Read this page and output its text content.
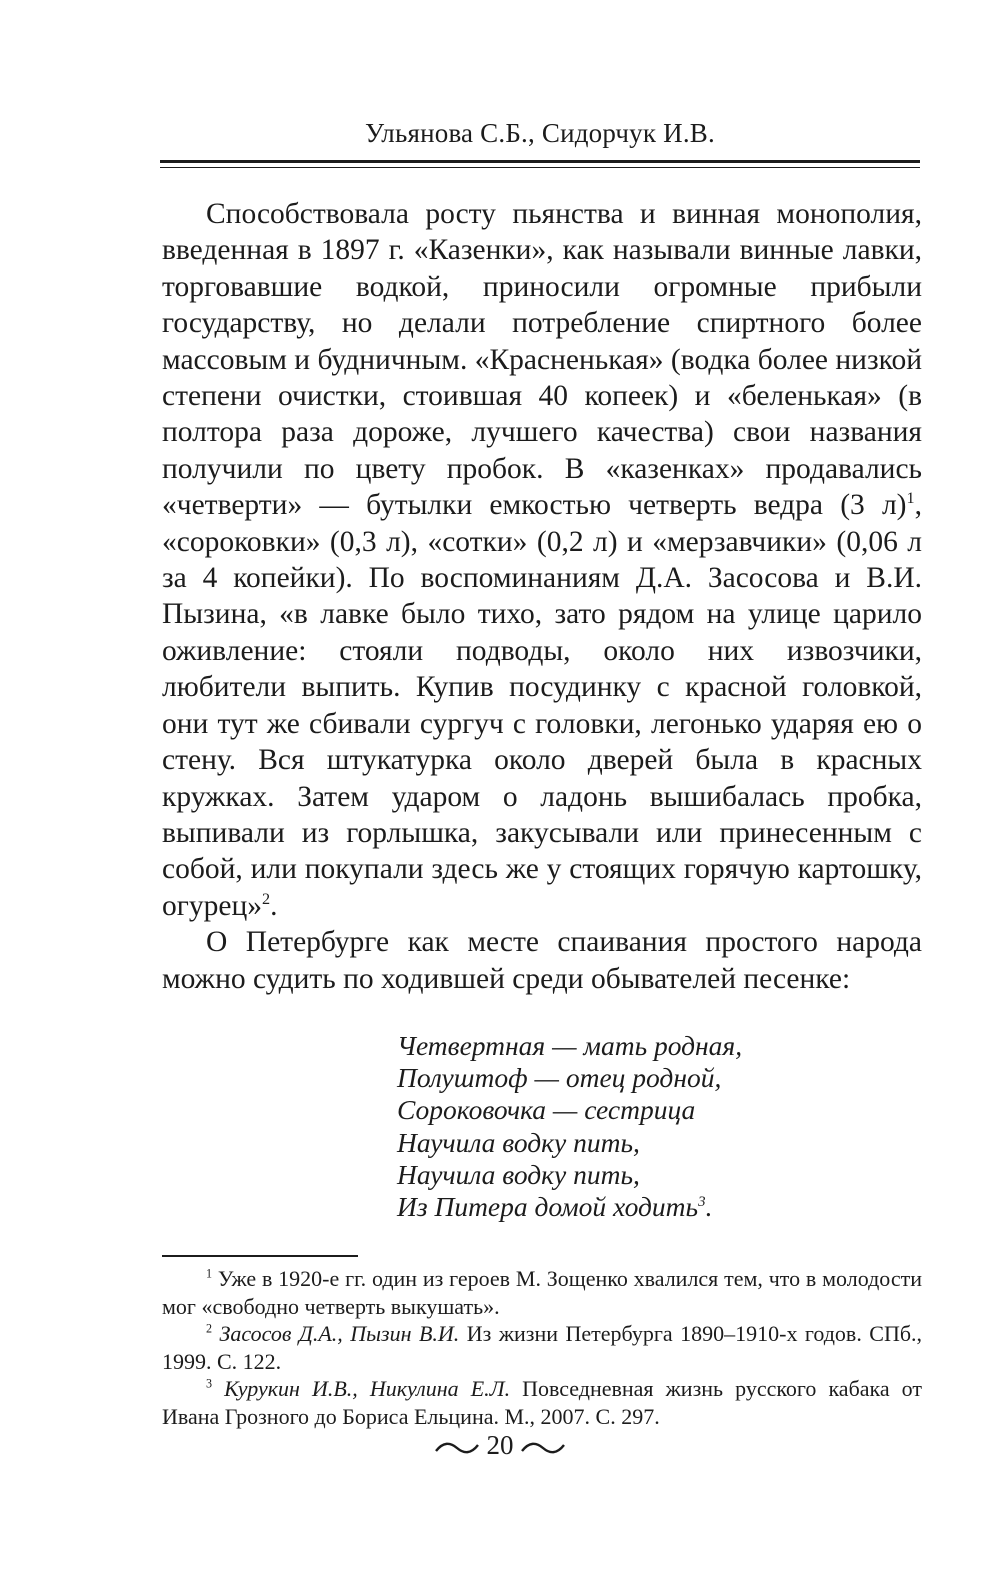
Ульянова С.Б., Сидорчук И.В.

Способствовала росту пьянства и винная монополия, введенная в 1897 г. «Казенки», как называли винные лавки, торговавшие водкой, приносили огромные прибыли государству, но делали потребление спиртного более массовым и будничным. «Красненькая» (водка более низкой степени очистки, стоившая 40 копеек) и «беленькая» (в полтора раза дороже, лучшего качества) свои названия получили по цвету пробок. В «казенках» продавались «четверти» — бутылки емкостью четверть ведра (3 л)$^1$, «сороковки» (0,3 л), «сотки» (0,2 л) и «мерзавчики» (0,06 л за 4 копейки). По воспоминаниям Д.А. Засосова и В.И. Пызина, «в лавке было тихо, зато рядом на улице царило оживление: стояли подводы, около них извозчики, любители выпить. Купив посудинку с красной головкой, они тут же сбивали сургуч с головки, легонько ударяя ею о стену. Вся штукатурка около дверей была в красных кружках. Затем ударом о ладонь вышибалась пробка, выпивали из горлышка, закусывали или принесенным с собой, или покупали здесь же у стоящих горячую картошку, огурец»$^2$.

О Петербурге как месте спаивания простого народа можно судить по ходившей среди обывателей песенке:

Четвертная — мать родная,
Полуштоф — отец родной,
Сороковочка — сестрица
Научила водку пить,
Научила водку пить,
Из Питера домой ходить$^3$.

$^1$ Уже в 1920-е гг. один из героев М. Зощенко хвалился тем, что в молодости мог «свободно четверть выкушать».

$^2$ Засосов Д.А., Пызин В.И. Из жизни Петербурга 1890–1910-х годов. СПб., 1999. С. 122.

$^3$ Курукин И.В., Никулина Е.Л. Повседневная жизнь русского кабака от Ивана Грозного до Бориса Ельцина. М., 2007. С. 297.

20
